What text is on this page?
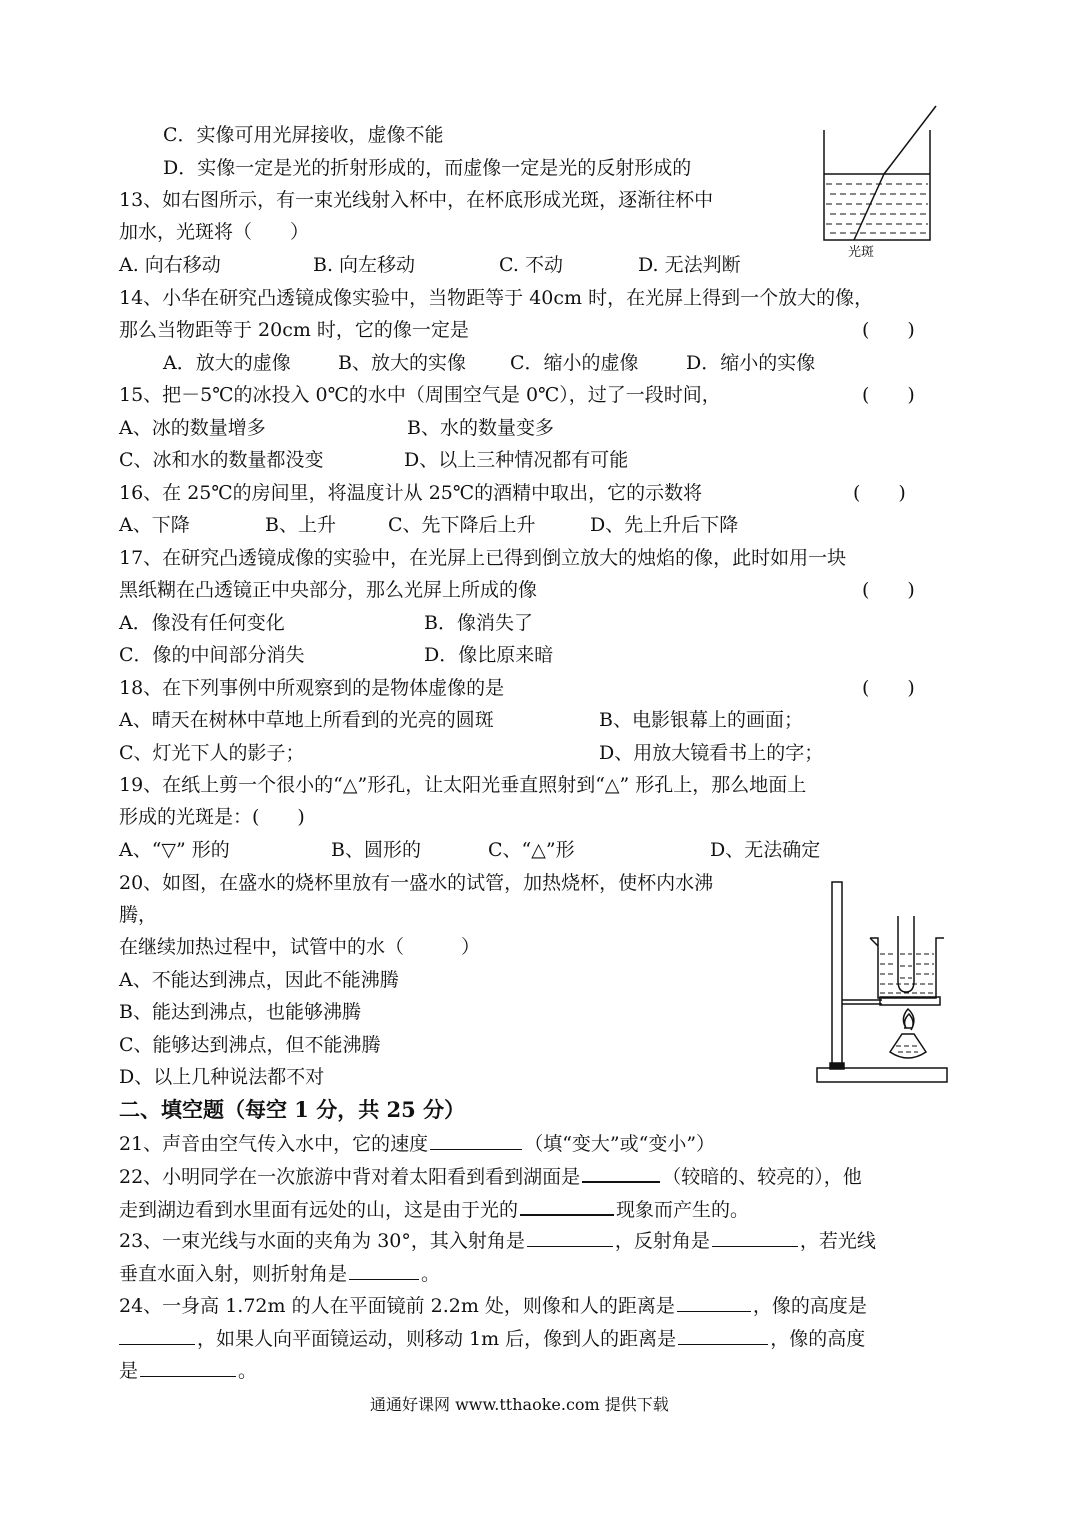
C．实像可用光屏接收，虚像不能
D．实像一定是光的折射形成的，而虚像一定是光的反射形成的
13、如右图所示，有一束光线射入杯中，在杯底形成光斑，逐渐往杯中
加水，光斑将（　　）
A. 向右移动	B. 向左移动	C. 不动	D. 无法判断
光斑
14、小华在研究凸透镜成像实验中，当物距等于 40cm 时，在光屏上得到一个放大的像，
那么当物距等于 20cm 时，它的像一定是	(　　)
A．放大的虚像 B、放大的实像 C．缩小的虚像 D．缩小的实像
15、把－5℃的冰投入 0℃的水中（周围空气是 0℃），过了一段时间，	(　　)
A、冰的数量增多	B、水的数量变多
C、冰和水的数量都没变	D、以上三种情况都有可能
16、在 25℃的房间里，将温度计从 25℃的酒精中取出，它的示数将	(　　)
A、下降	B、上升	C、先下降后上升	D、先上升后下降
17、在研究凸透镜成像的实验中，在光屏上已得到倒立放大的烛焰的像，此时如用一块
黑纸糊在凸透镜正中央部分，那么光屏上所成的像	(　　)
A．像没有任何变化	B．像消失了
C．像的中间部分消失	D．像比原来暗
18、在下列事例中所观察到的是物体虚像的是	(　　)
A、晴天在树林中草地上所看到的光亮的圆斑	B、电影银幕上的画面；
C、灯光下人的影子；	D、用放大镜看书上的字；
19、在纸上剪一个很小的“△”形孔，让太阳光垂直照射到“△” 形孔上，那么地面上
形成的光斑是：(　　)
A、“▽” 形的	B、圆形的	C、“△”形	D、无法确定
20、如图，在盛水的烧杯里放有一盛水的试管，加热烧杯，使杯内水沸
腾，
在继续加热过程中，试管中的水（　　　）
A、不能达到沸点，因此不能沸腾
B、能达到沸点，也能够沸腾
C、能够达到沸点，但不能沸腾
D、以上几种说法都不对
二、填空题（每空 1 分，共 25 分）
21、声音由空气传入水中，它的速度	（填“变大”或“变小”）
22、小明同学在一次旅游中背对着太阳看到看到湖面是	（较暗的、较亮的），他
走到湖边看到水里面有远处的山，这是由于光的	现象而产生的。
23、一束光线与水面的夹角为 30°，其入射角是	，反射角是	，若光线
垂直水面入射，则折射角是	。
24、一身高 1.72m 的人在平面镜前 2.2m 处，则像和人的距离是	，像的高度是
，如果人向平面镜运动，则移动 1m 后，像到人的距离是	，像的高度
是	。
通通好课网 www.tthaoke.com 提供下载
